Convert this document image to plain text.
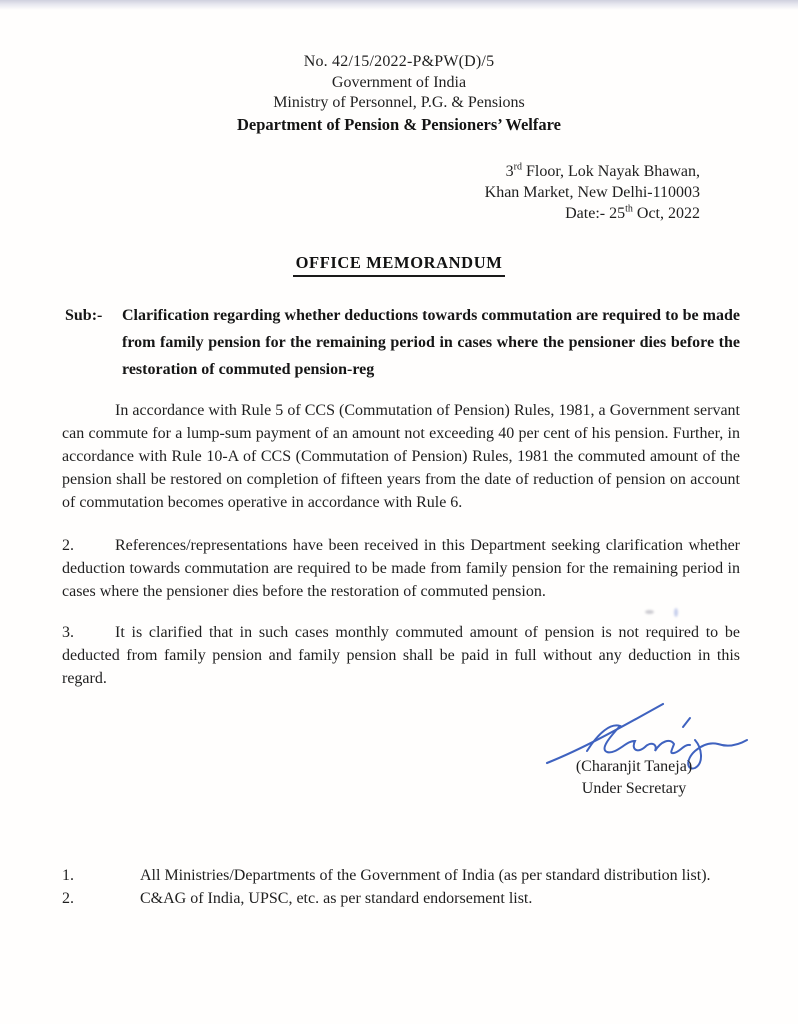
No. 42/15/2022-P&PW(D)/5
Government of India
Ministry of Personnel, P.G. & Pensions
Department of Pension & Pensioners’ Welfare
3rd Floor, Lok Nayak Bhawan,
Khan Market, New Delhi-110003
Date:- 25th Oct, 2022
OFFICE MEMORANDUM
Sub:-	Clarification regarding whether deductions towards commutation are required to be made from family pension for the remaining period in cases where the pensioner dies before the restoration of commuted pension-reg
In accordance with Rule 5 of CCS (Commutation of Pension) Rules, 1981, a Government servant can commute for a lump-sum payment of an amount not exceeding 40 per cent of his pension. Further, in accordance with Rule 10-A of CCS (Commutation of Pension) Rules, 1981 the commuted amount of the pension shall be restored on completion of fifteen years from the date of reduction of pension on account of commutation becomes operative in accordance with Rule 6.
2.	References/representations have been received in this Department seeking clarification whether deduction towards commutation are required to be made from family pension for the remaining period in cases where the pensioner dies before the restoration of commuted pension.
3.	It is clarified that in such cases monthly commuted amount of pension is not required to be deducted from family pension and family pension shall be paid in full without any deduction in this regard.
(Charanjit Taneja)
Under Secretary
1.	All Ministries/Departments of the Government of India (as per standard distribution list).
2.	C&AG of India, UPSC, etc. as per standard endorsement list.
